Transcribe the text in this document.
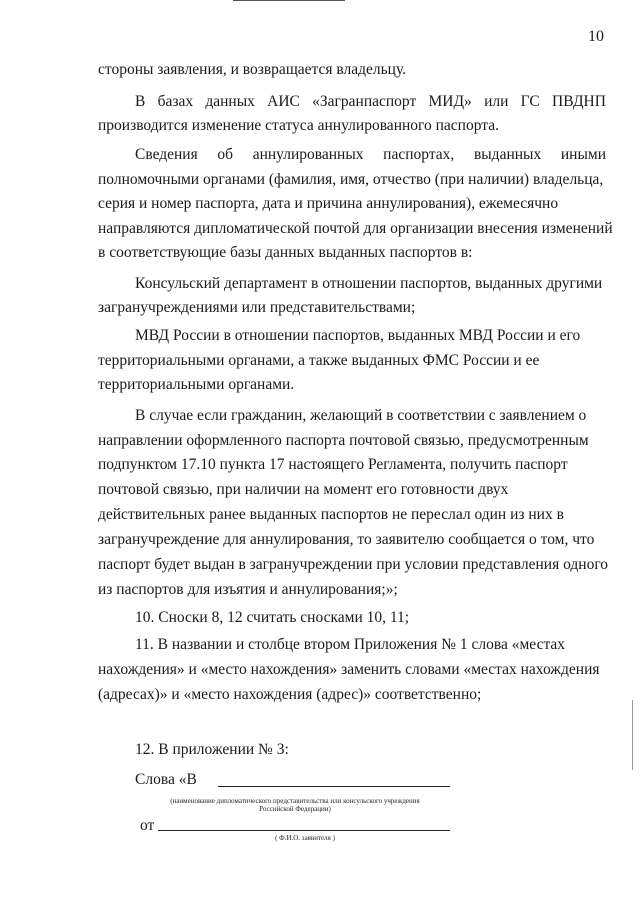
10
стороны заявления, и возвращается владельцу.
В базах данных АИС «Загранпаспорт МИД» или ГС ПВДНП
производится изменение статуса аннулированного паспорта.
Сведения об аннулированных паспортах, выданных иными
полномочными органами (фамилия, имя, отчество (при наличии) владельца,
серия и номер паспорта, дата и причина аннулирования), ежемесячно
направляются дипломатической почтой для организации внесения изменений
в соответствующие базы данных выданных паспортов в:
Консульский департамент в отношении паспортов, выданных другими
загранучреждениями или представительствами;
МВД России в отношении паспортов, выданных МВД России и его
территориальными органами, а также выданных ФМС России и ее
территориальными органами.
В случае если гражданин, желающий в соответствии с заявлением о
направлении оформленного паспорта почтовой связью, предусмотренным
подпунктом 17.10 пункта 17 настоящего Регламента, получить паспорт
почтовой связью, при наличии на момент его готовности двух
действительных ранее выданных паспортов не переслал один из них в
загранучреждение для аннулирования, то заявителю сообщается о том, что
паспорт будет выдан в загранучреждении при условии представления одного
из паспортов для изъятия и аннулирования;»;
10. Сноски 8, 12 считать сносками 10, 11;
11. В названии и столбце втором Приложения № 1 слова «местах
нахождения» и «место нахождения» заменить словами «местах нахождения
(адресах)» и «место нахождения (адрес)» соответственно;
12. В приложении № 3:
Слова «В
(наименование дипломатического представительства или консульского учреждения
Российской Федерации)
от
( Ф.И.О. заявителя )
